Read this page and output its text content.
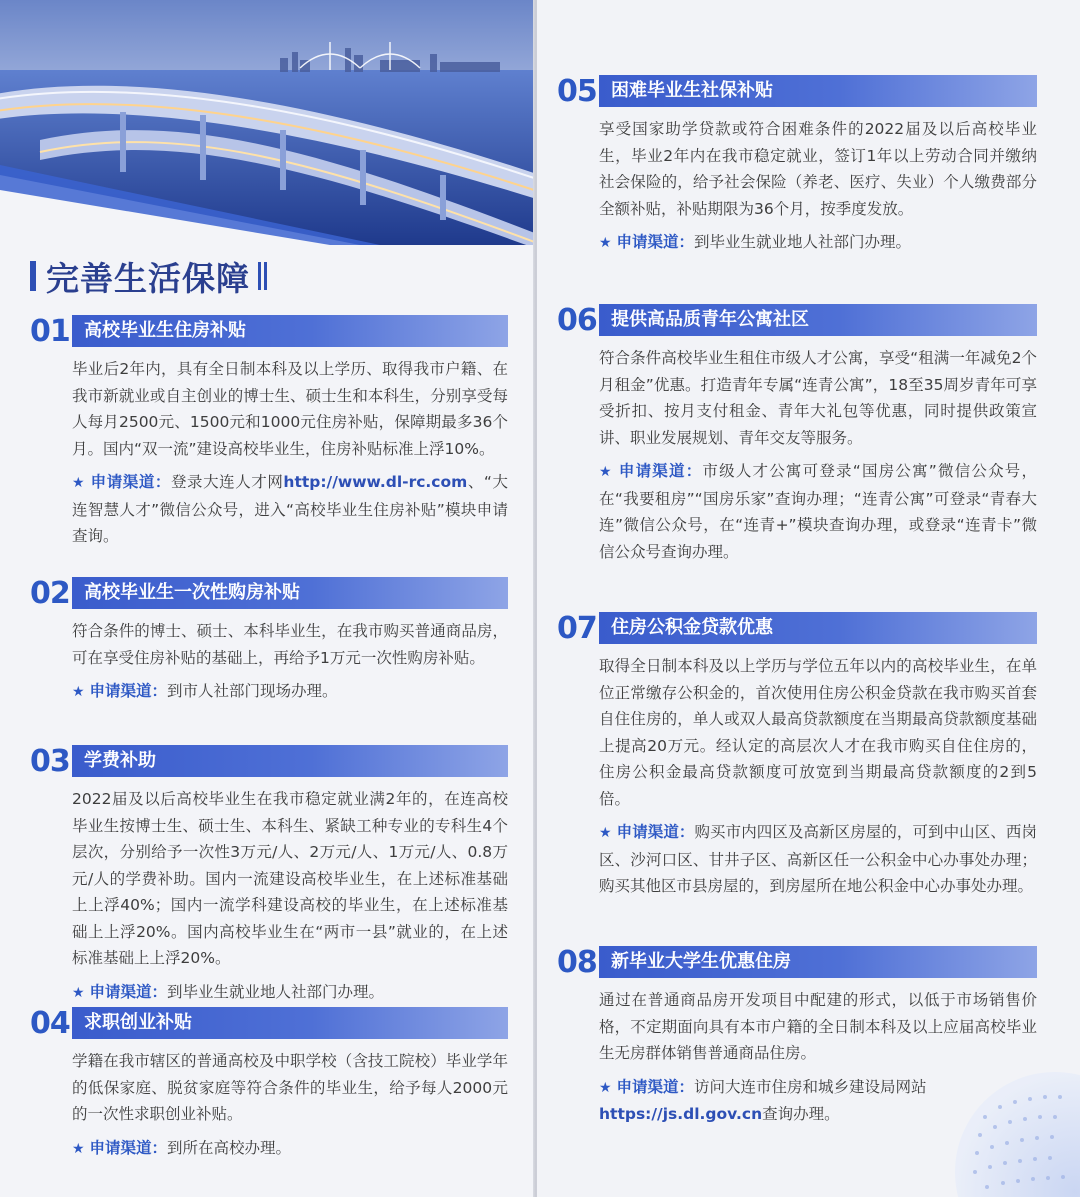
完善生活保障
01 高校毕业生住房补贴
毕业后2年内，具有全日制本科及以上学历、取得我市户籍、在我市新就业或自主创业的博士生、硕士生和本科生，分别享受每人每月2500元、1500元和1000元住房补贴，保障期最多36个月。国内“双一流”建设高校毕业生，住房补贴标准上浮10%。
★ 申请渠道：登录大连人才网http://www.dl-rc.com、“大连智慧人才”微信公众号，进入“高校毕业生住房补贴”模块申请查询。
02 高校毕业生一次性购房补贴
符合条件的博士、硕士、本科毕业生，在我市购买普通商品房，可在享受住房补贴的基础上，再给予1万元一次性购房补贴。
★ 申请渠道：到市人社部门现场办理。
03 学费补助
2022届及以后高校毕业生在我市稳定就业满2年的，在连高校毕业生按博士生、硕士生、本科生、紧缺工种专业的专科生4个层次，分别给予一次性3万元/人、2万元/人、1万元/人、0.8万元/人的学费补助。国内一流建设高校毕业生，在上述标准基础上上浮40%；国内一流学科建设高校的毕业生，在上述标准基础上上浮20%。国内高校毕业生在“两市一县”就业的，在上述标准基础上上浮20%。
★ 申请渠道：到毕业生就业地人社部门办理。
04 求职创业补贴
学籍在我市辖区的普通高校及中职学校（含技工院校）毕业学年的低保家庭、脱贫家庭等符合条件的毕业生，给予每人2000元的一次性求职创业补贴。
★ 申请渠道：到所在高校办理。
05 困难毕业生社保补贴
享受国家助学贷款或符合困难条件的2022届及以后高校毕业生，毕业2年内在我市稳定就业，签订1年以上劳动合同并缴纳社会保险的，给予社会保险（养老、医疗、失业）个人缴费部分全额补贴，补贴期限为36个月，按季度发放。
★ 申请渠道：到毕业生就业地人社部门办理。
06 提供高品质青年公寓社区
符合条件高校毕业生租住市级人才公寓，享受“租满一年减免2个月租金”优惠。打造青年专属“连青公寓”，18至35周岁青年可享受折扣、按月支付租金、青年大礼包等优惠，同时提供政策宣讲、职业发展规划、青年交友等服务。
★ 申请渠道：市级人才公寓可登录“国房公寓”微信公众号，在“我要租房”“国房乐家”查询办理；“连青公寓”可登录“青春大连”微信公众号，在“连青+”模块查询办理，或登录“连青卡”微信公众号查询办理。
07 住房公积金贷款优惠
取得全日制本科及以上学历与学位五年以内的高校毕业生，在单位正常缴存公积金的，首次使用住房公积金贷款在我市购买首套自住住房的，单人或双人最高贷款额度在当期最高贷款额度基础上提高20万元。经认定的高层次人才在我市购买自住住房的，住房公积金最高贷款额度可放宽到当期最高贷款额度的2到5倍。
★ 申请渠道：购买市内四区及高新区房屋的，可到中山区、西岗区、沙河口区、甘井子区、高新区任一公积金中心办事处办理；购买其他区市县房屋的，到房屋所在地公积金中心办事处办理。
08 新毕业大学生优惠住房
通过在普通商品房开发项目中配建的形式，以低于市场销售价格，不定期面向具有本市户籍的全日制本科及以上应届高校毕业生无房群体销售普通商品住房。
★ 申请渠道：访问大连市住房和城乡建设局网站
https://js.dl.gov.cn查询办理。
